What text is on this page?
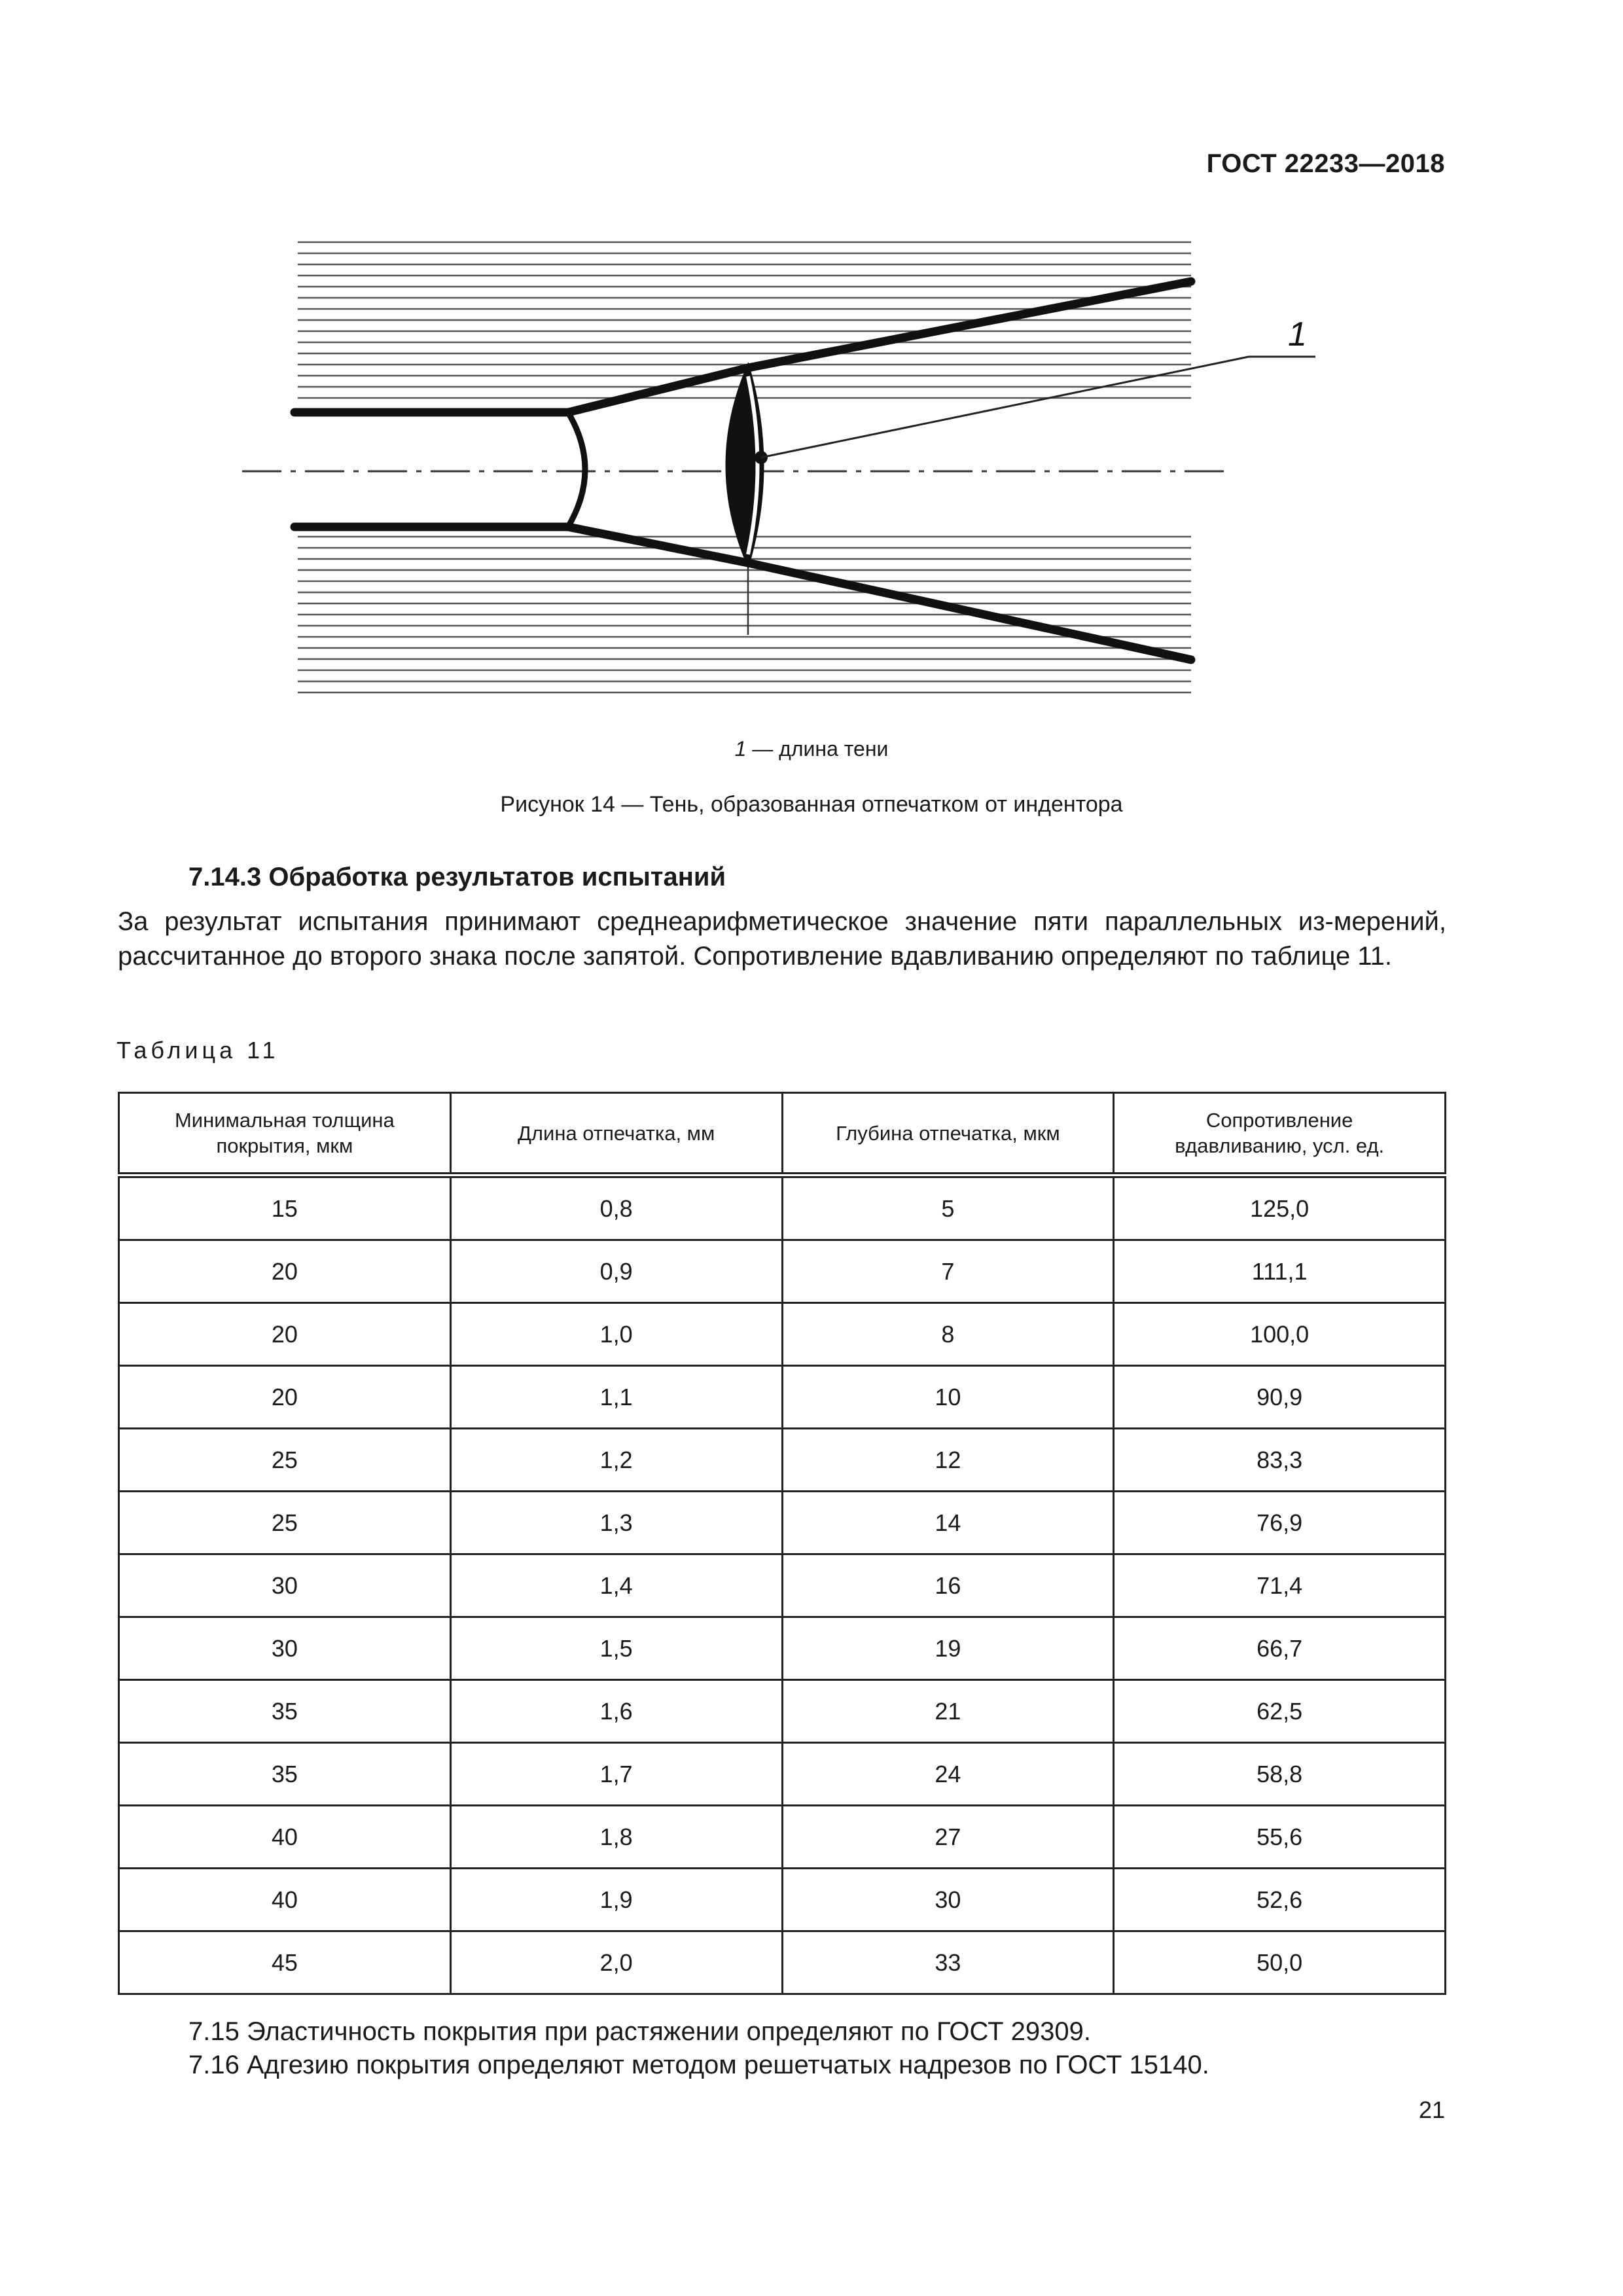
ГОСТ 22233—2018
1
1 — длина тени
Рисунок 14 — Тень, образованная отпечатком от индентора
7.14.3 Обработка результатов испытаний

За результат испытания принимают среднеарифметическое значение пяти параллельных из-мерений, рассчитанное до второго знака после запятой. Сопротивление вдавливанию определяют по таблице 11.

Таблица 11
Минимальная толщина покрытия, мкм	Длина отпечатка, мм	Глубина отпечатка, мкм	Сопротивление вдавливанию, усл. ед.
15	0,8	5	125,0
20	0,9	7	111,1
20	1,0	8	100,0
20	1,1	10	90,9
25	1,2	12	83,3
25	1,3	14	76,9
30	1,4	16	71,4
30	1,5	19	66,7
35	1,6	21	62,5
35	1,7	24	58,8
40	1,8	27	55,6
40	1,9	30	52,6
45	2,0	33	50,0
7.15 Эластичность покрытия при растяжении определяют по ГОСТ 29309.
7.16 Адгезию покрытия определяют методом решетчатых надрезов по ГОСТ 15140.
21
